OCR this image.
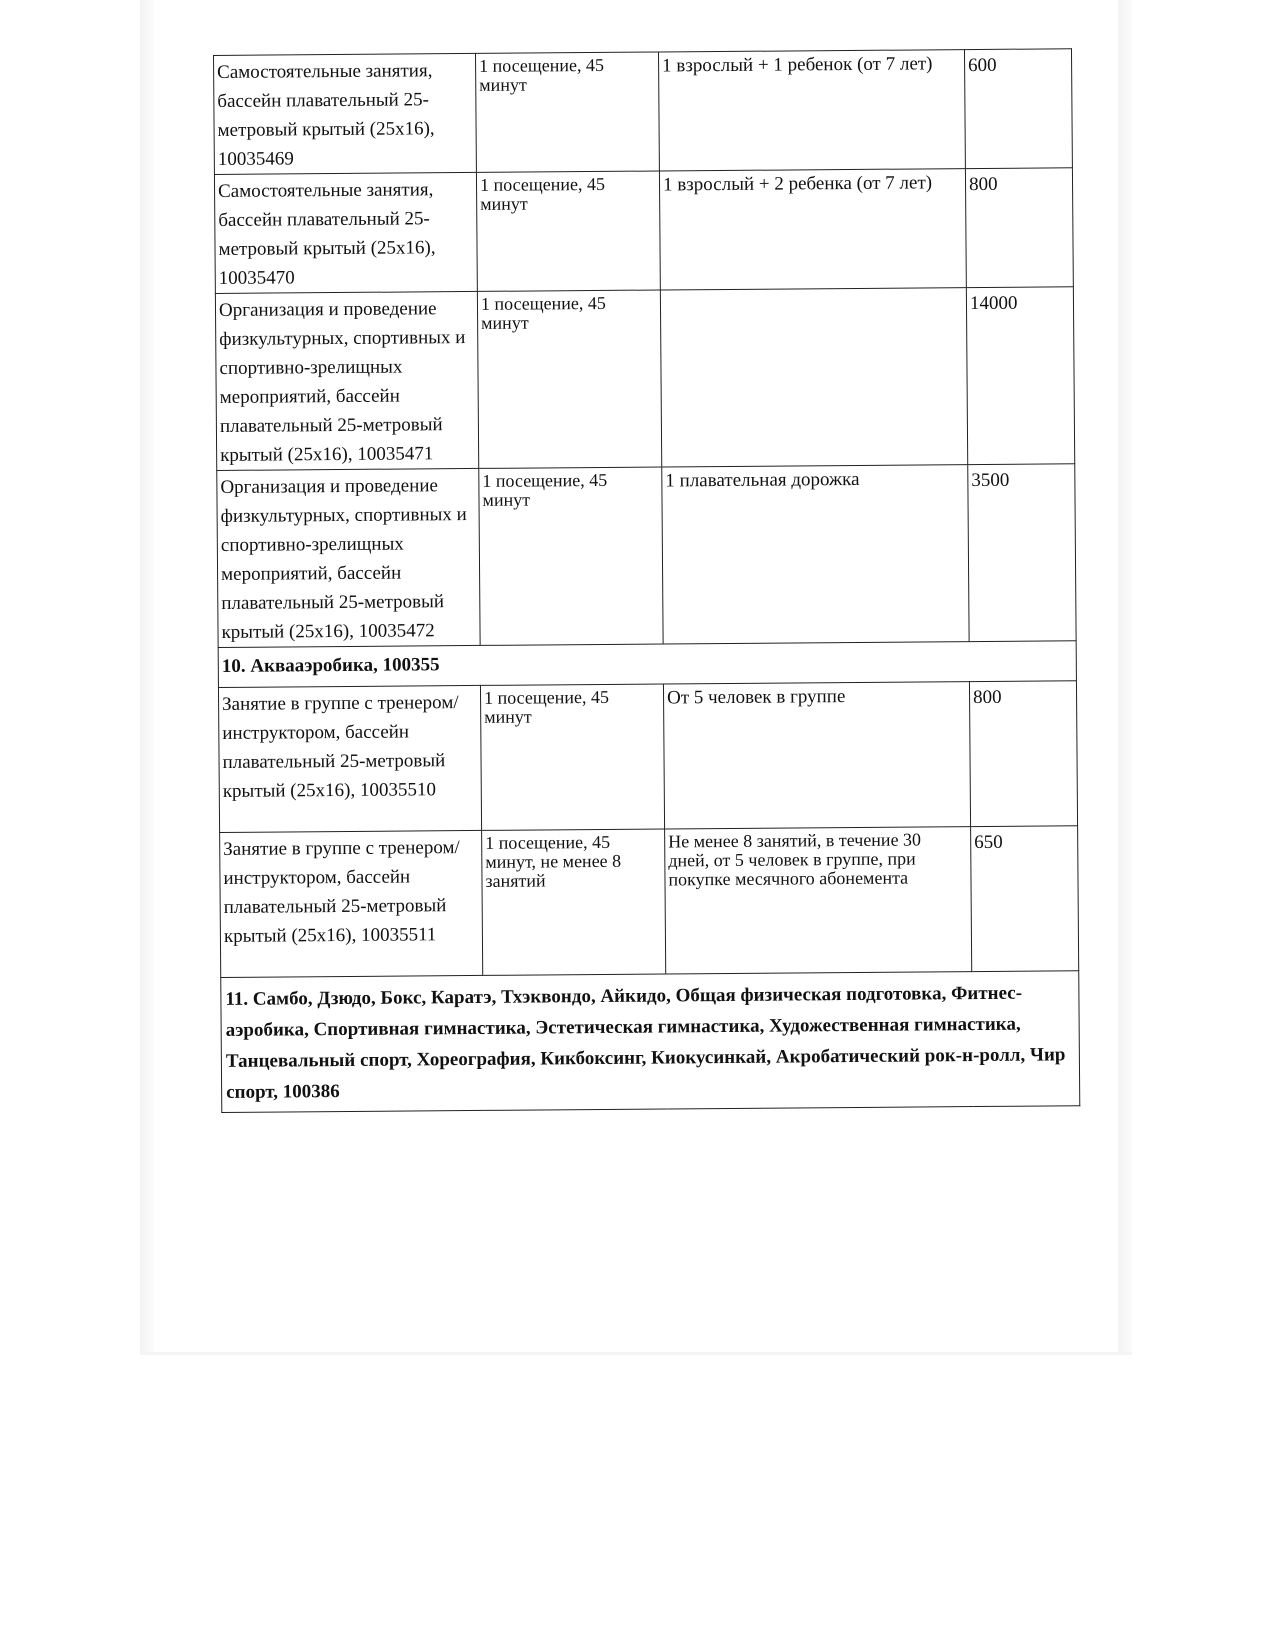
Самостоятельные занятия, бассейн плавательный 25-метровый крытый (25х16), 10035469	1 посещение, 45 минут	1 взрослый + 1 ребенок (от 7 лет)	600
Самостоятельные занятия, бассейн плавательный 25-метровый крытый (25х16), 10035470	1 посещение, 45 минут	1 взрослый + 2 ребенка (от 7 лет)	800
Организация и проведение физкультурных, спортивных и спортивно-зрелищных мероприятий, бассейн плавательный 25-метровый крытый (25х16), 10035471	1 посещение, 45 минут		14000
Организация и проведение физкультурных, спортивных и спортивно-зрелищных мероприятий, бассейн плавательный 25-метровый крытый (25х16), 10035472	1 посещение, 45 минут	1 плавательная дорожка	3500
10. Аквааэробика, 100355			
Занятие в группе с тренером/инструктором, бассейн плавательный 25-метровый крытый (25х16), 10035510	1 посещение, 45 минут	От 5 человек в группе	800
Занятие в группе с тренером/инструктором, бассейн плавательный 25-метровый крытый (25х16), 10035511	1 посещение, 45 минут, не менее 8 занятий	Не менее 8 занятий, в течение 30 дней, от 5 человек в группе, при покупке месячного абонемента	650
11. Самбо, Дзюдо, Бокс, Каратэ, Тхэквондо, Айкидо, Общая физическая подготовка, Фитнес-аэробика, Спортивная гимнастика, Эстетическая гимнастика, Художественная гимнастика, Танцевальный спорт, Хореография, Кикбоксинг, Киокусинкай, Акробатический рок-н-ролл, Чир спорт, 100386			
